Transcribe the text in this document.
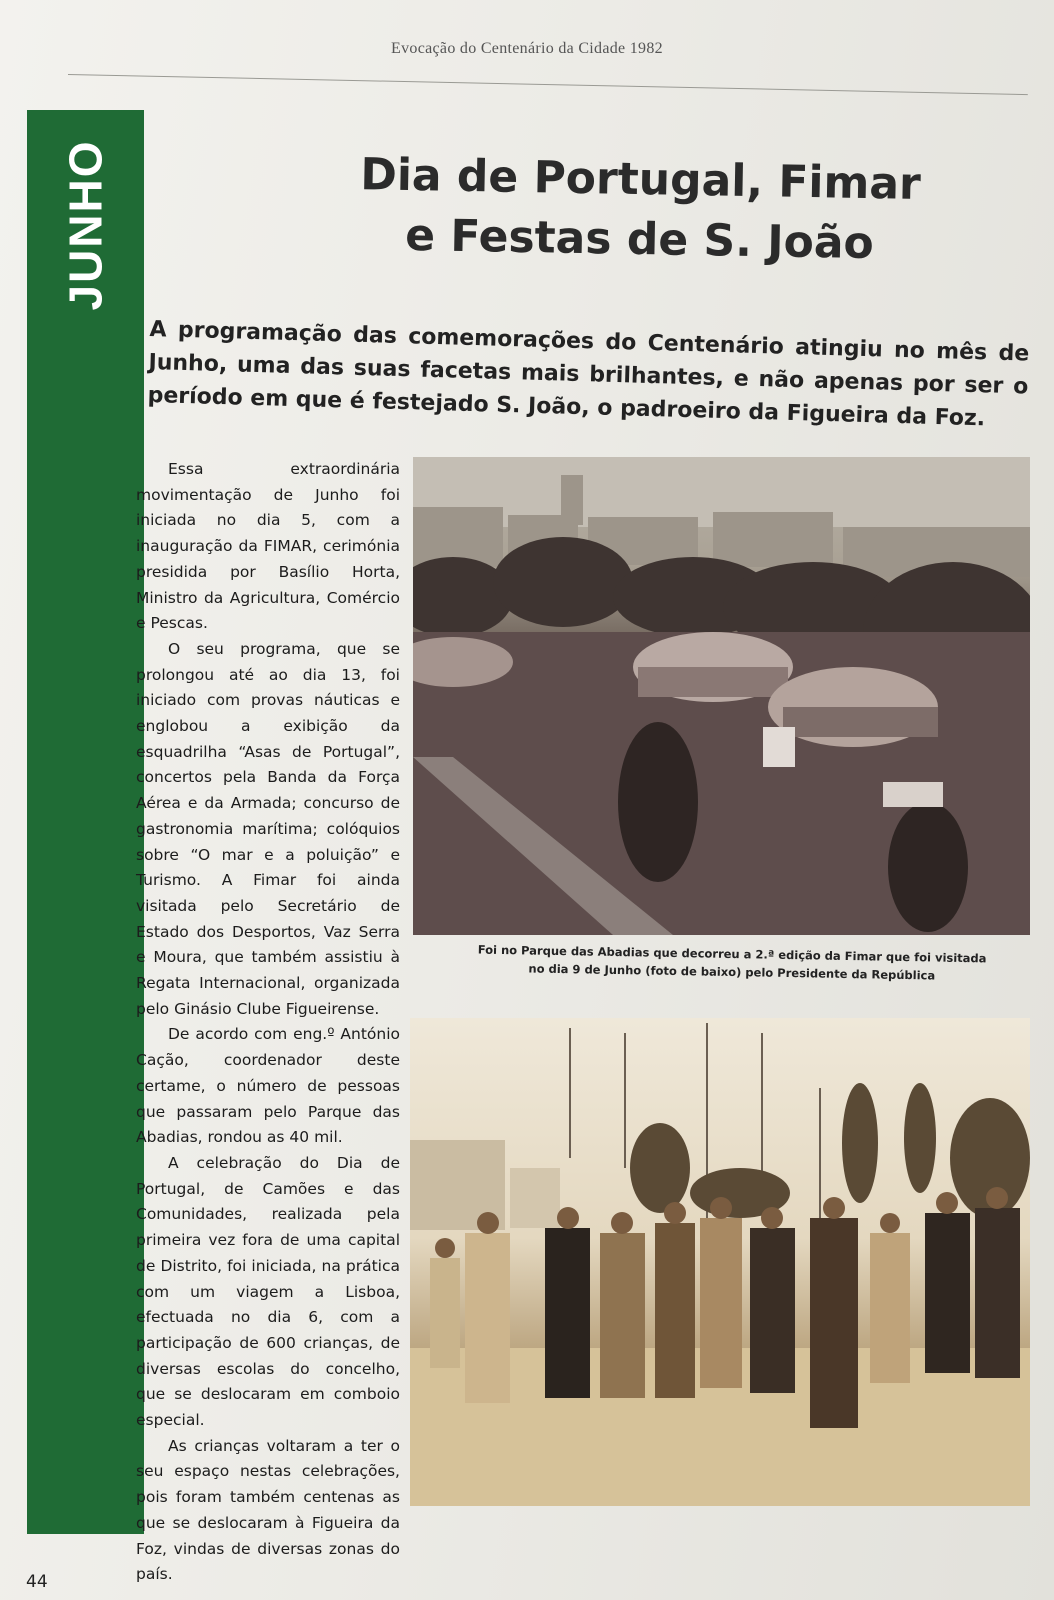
Evocação do Centenário da Cidade 1982
JUNHO	Dia de Portugal, Fimar
e Festas de S. João
A programação das comemorações do Centenário atingiu no mês de Junho, uma das suas facetas mais brilhantes, e não apenas por ser o período em que é festejado S. João, o padroeiro da Figueira da Foz.

Essa extraordinária movimentação de Junho foi iniciada no dia 5, com a inauguração da FIMAR, cerimónia presidida por Basílio Horta, Ministro da Agricultura, Comércio e Pescas.

O seu programa, que se prolongou até ao dia 13, foi iniciado com provas náuticas e englobou a exibição da esquadrilha “Asas de Portugal”, concertos pela Banda da Força Aérea e da Armada; concurso de gastronomia marítima; colóquios sobre “O mar e a poluição” e Turismo. A Fimar foi ainda visitada pelo Secretário de Estado dos Desportos, Vaz Serra e Moura, que também assistiu à Regata Internacional, organizada pelo Ginásio Clube Figueirense.

De acordo com eng.º António Cação, coordenador deste certame, o número de pessoas que passaram pelo Parque das Abadias, rondou as 40 mil.

A celebração do Dia de Portugal, de Camões e das Comunidades, realizada pela primeira vez fora de uma capital de Distrito, foi iniciada, na prática com um viagem a Lisboa, efectuada no dia 6, com a participação de 600 crianças, de diversas escolas do concelho, que se deslocaram em comboio especial.

As crianças voltaram a ter o seu espaço nestas celebrações, pois foram também centenas as que se deslocaram à Figueira da Foz, vindas de diversas zonas do país.

Foi no Parque das Abadias que decorreu a 2.ª edição da Fimar que foi visitada
no dia 9 de Junho (foto de baixo) pelo Presidente da República
44
